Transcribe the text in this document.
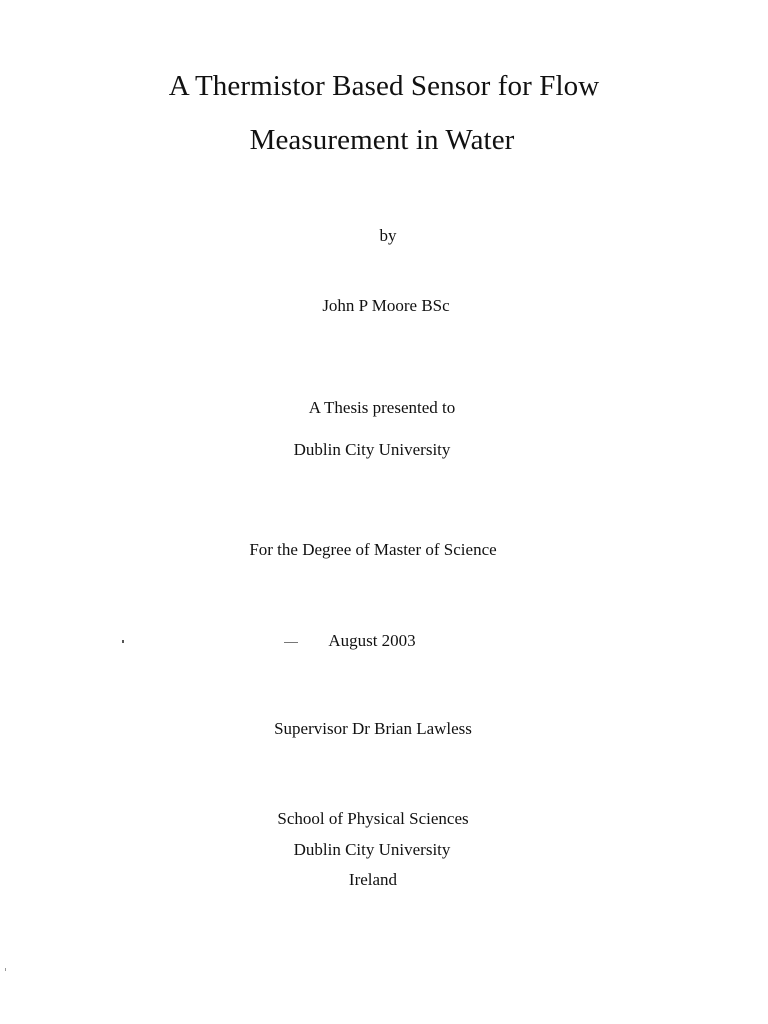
A Thermistor Based Sensor for Flow
Measurement in Water
by
John P Moore BSc
A Thesis presented to
Dublin City University
For the Degree of Master of Science
August 2003
Supervisor Dr Brian Lawless
School of Physical Sciences
Dublin City University
Ireland
